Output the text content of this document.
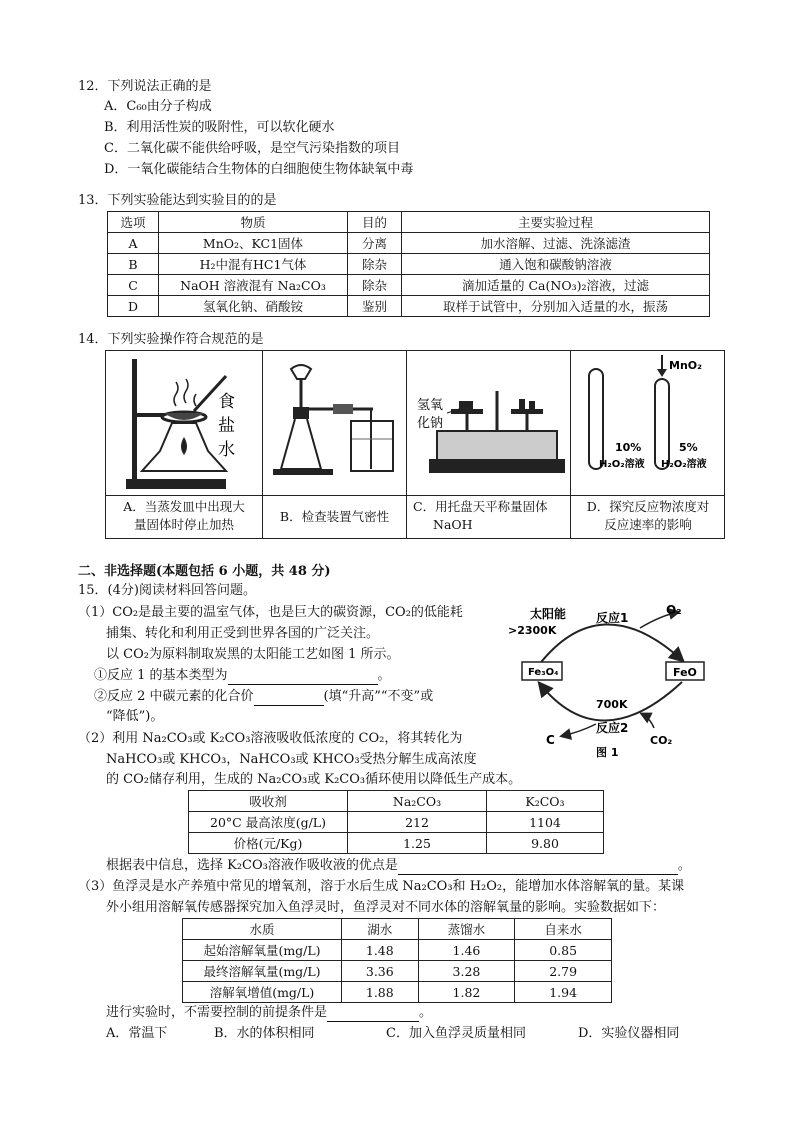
12．下列说法正确的是
A．C₆₀由分子构成
B．利用活性炭的吸附性，可以软化硬水
C．二氧化碳不能供给呼吸，是空气污染指数的项目
D．一氧化碳能结合生物体的白细胞使生物体缺氧中毒
13．下列实验能达到实验目的的是
选项	物质	目的	主要实验过程
A	MnO₂、KC1固体	分离	加水溶解、过滤、洗涤滤渣
B	H₂中混有HC1气体	除杂	通入饱和碳酸钠溶液
C	NaOH 溶液混有 Na₂CO₃	除杂	滴加适量的 Ca(NO₃)₂溶液，过滤
D	氢氧化钠、硝酸铵	鉴别	取样于试管中，分别加入适量的水，振荡
14．下列实验操作符合规范的是
食
盐
水
氢氧
化钠
MnO₂
10%	5%
H₂O₂溶液 H₂O₂溶液
A．当蒸发皿中出现大
量固体时停止加热
B．检查装置气密性
C．用托盘天平称量固体
NaOH
D．探究反应物浓度对
反应速率的影响
二、非选择题(本题包括 6 小题，共 48 分)
15．(4分)阅读材料回答问题。
（1）CO₂是最主要的温室气体，也是巨大的碳资源，CO₂的低能耗
捕集、转化和利用正受到世界各国的广泛关注。
以 CO₂为原料制取炭黑的太阳能工艺如图 1 所示。
①反应 1 的基本类型为	。
②反应 2 中碳元素的化合价	(填“升高”“不变”或
“降低”)。
Fe₃O₄	FeO
太阳能
>2300K
反应1
O₂
700K
反应2
C	CO₂
图 1
（2）利用 Na₂CO₃或 K₂CO₃溶液吸收低浓度的 CO₂，将其转化为
NaHCO₃或 KHCO₃，NaHCO₃或 KHCO₃受热分解生成高浓度
的 CO₂储存利用，生成的 Na₂CO₃或 K₂CO₃循环使用以降低生产成本。
吸收剂	Na₂CO₃	K₂CO₃
20°C 最高浓度(g/L)	212	1104
价格(元/Kg)	1.25	9.80
根据表中信息，选择 K₂CO₃溶液作吸收液的优点是	。
（3）鱼浮灵是水产养殖中常见的增氧剂，溶于水后生成 Na₂CO₃和 H₂O₂，能增加水体溶解氧的量。某课
外小组用溶解氧传感器探究加入鱼浮灵时，鱼浮灵对不同水体的溶解氧量的影响。实验数据如下：
水质	湖水	蒸馏水	自来水
起始溶解氧量(mg/L)	1.48	1.46	0.85
最终溶解氧量(mg/L)	3.36	3.28	2.79
溶解氧增值(mg/L)	1.88	1.82	1.94
进行实验时，不需要控制的前提条件是	。
A．常温下	B．水的体积相同	C．加入鱼浮灵质量相同	D．实验仪器相同
